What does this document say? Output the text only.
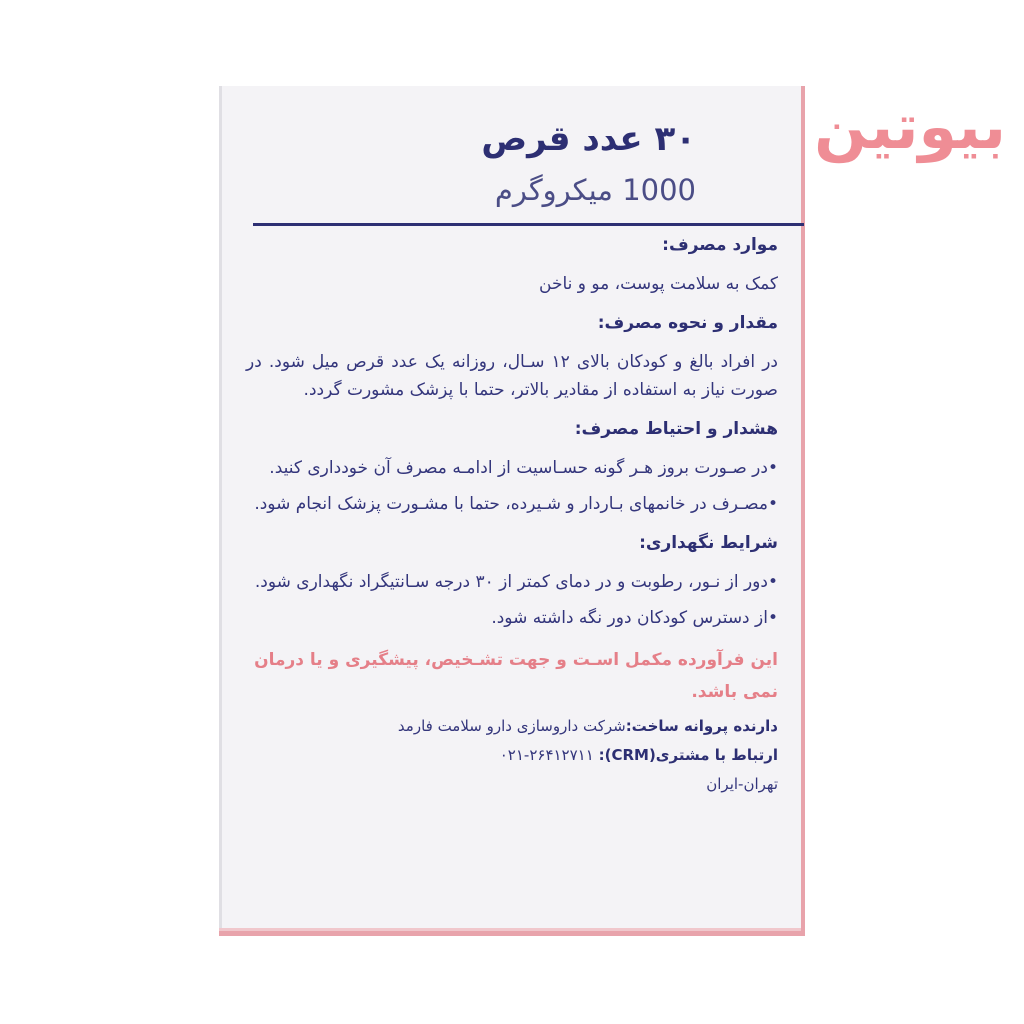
بیوتین
۳۰ عدد قرص
1000 میکروگرم

موارد مصرف:

کمک به سلامت پوست، مو و ناخن

مقدار و نحوه مصرف:

در افراد بالغ و کودکان بالای ۱۲ سـال، روزانه یک عدد قرص میل شود. در صورت نیاز به استفاده از مقادیر بالاتر، حتما با پزشک مشورت گردد.

هشدار و احتیاط مصرف:

•در صـورت بروز هـر گونه حسـاسیت از ادامـه مصرف آن خودداری کنید.

•مصـرف در خانمهای بـاردار و شـیرده، حتما با مشـورت پزشک انجام شود.

شرایط نگهداری:

•دور از نـور، رطوبت و در دمای کمتر از ۳۰ درجه سـانتیگراد نگهداری شود.

•از دسترس کودکان دور نگه داشته شود.

این فرآورده مکمل اسـت و جهت تشـخیص، پیشگیری و یا درمان نمی باشد.

دارنده پروانه ساخت:شرکت داروسازی دارو سلامت فارمد

ارتباط با مشتری(CRM): ۰۲۱-۲۶۴۱۲۷۱۱

تهران-ایران
